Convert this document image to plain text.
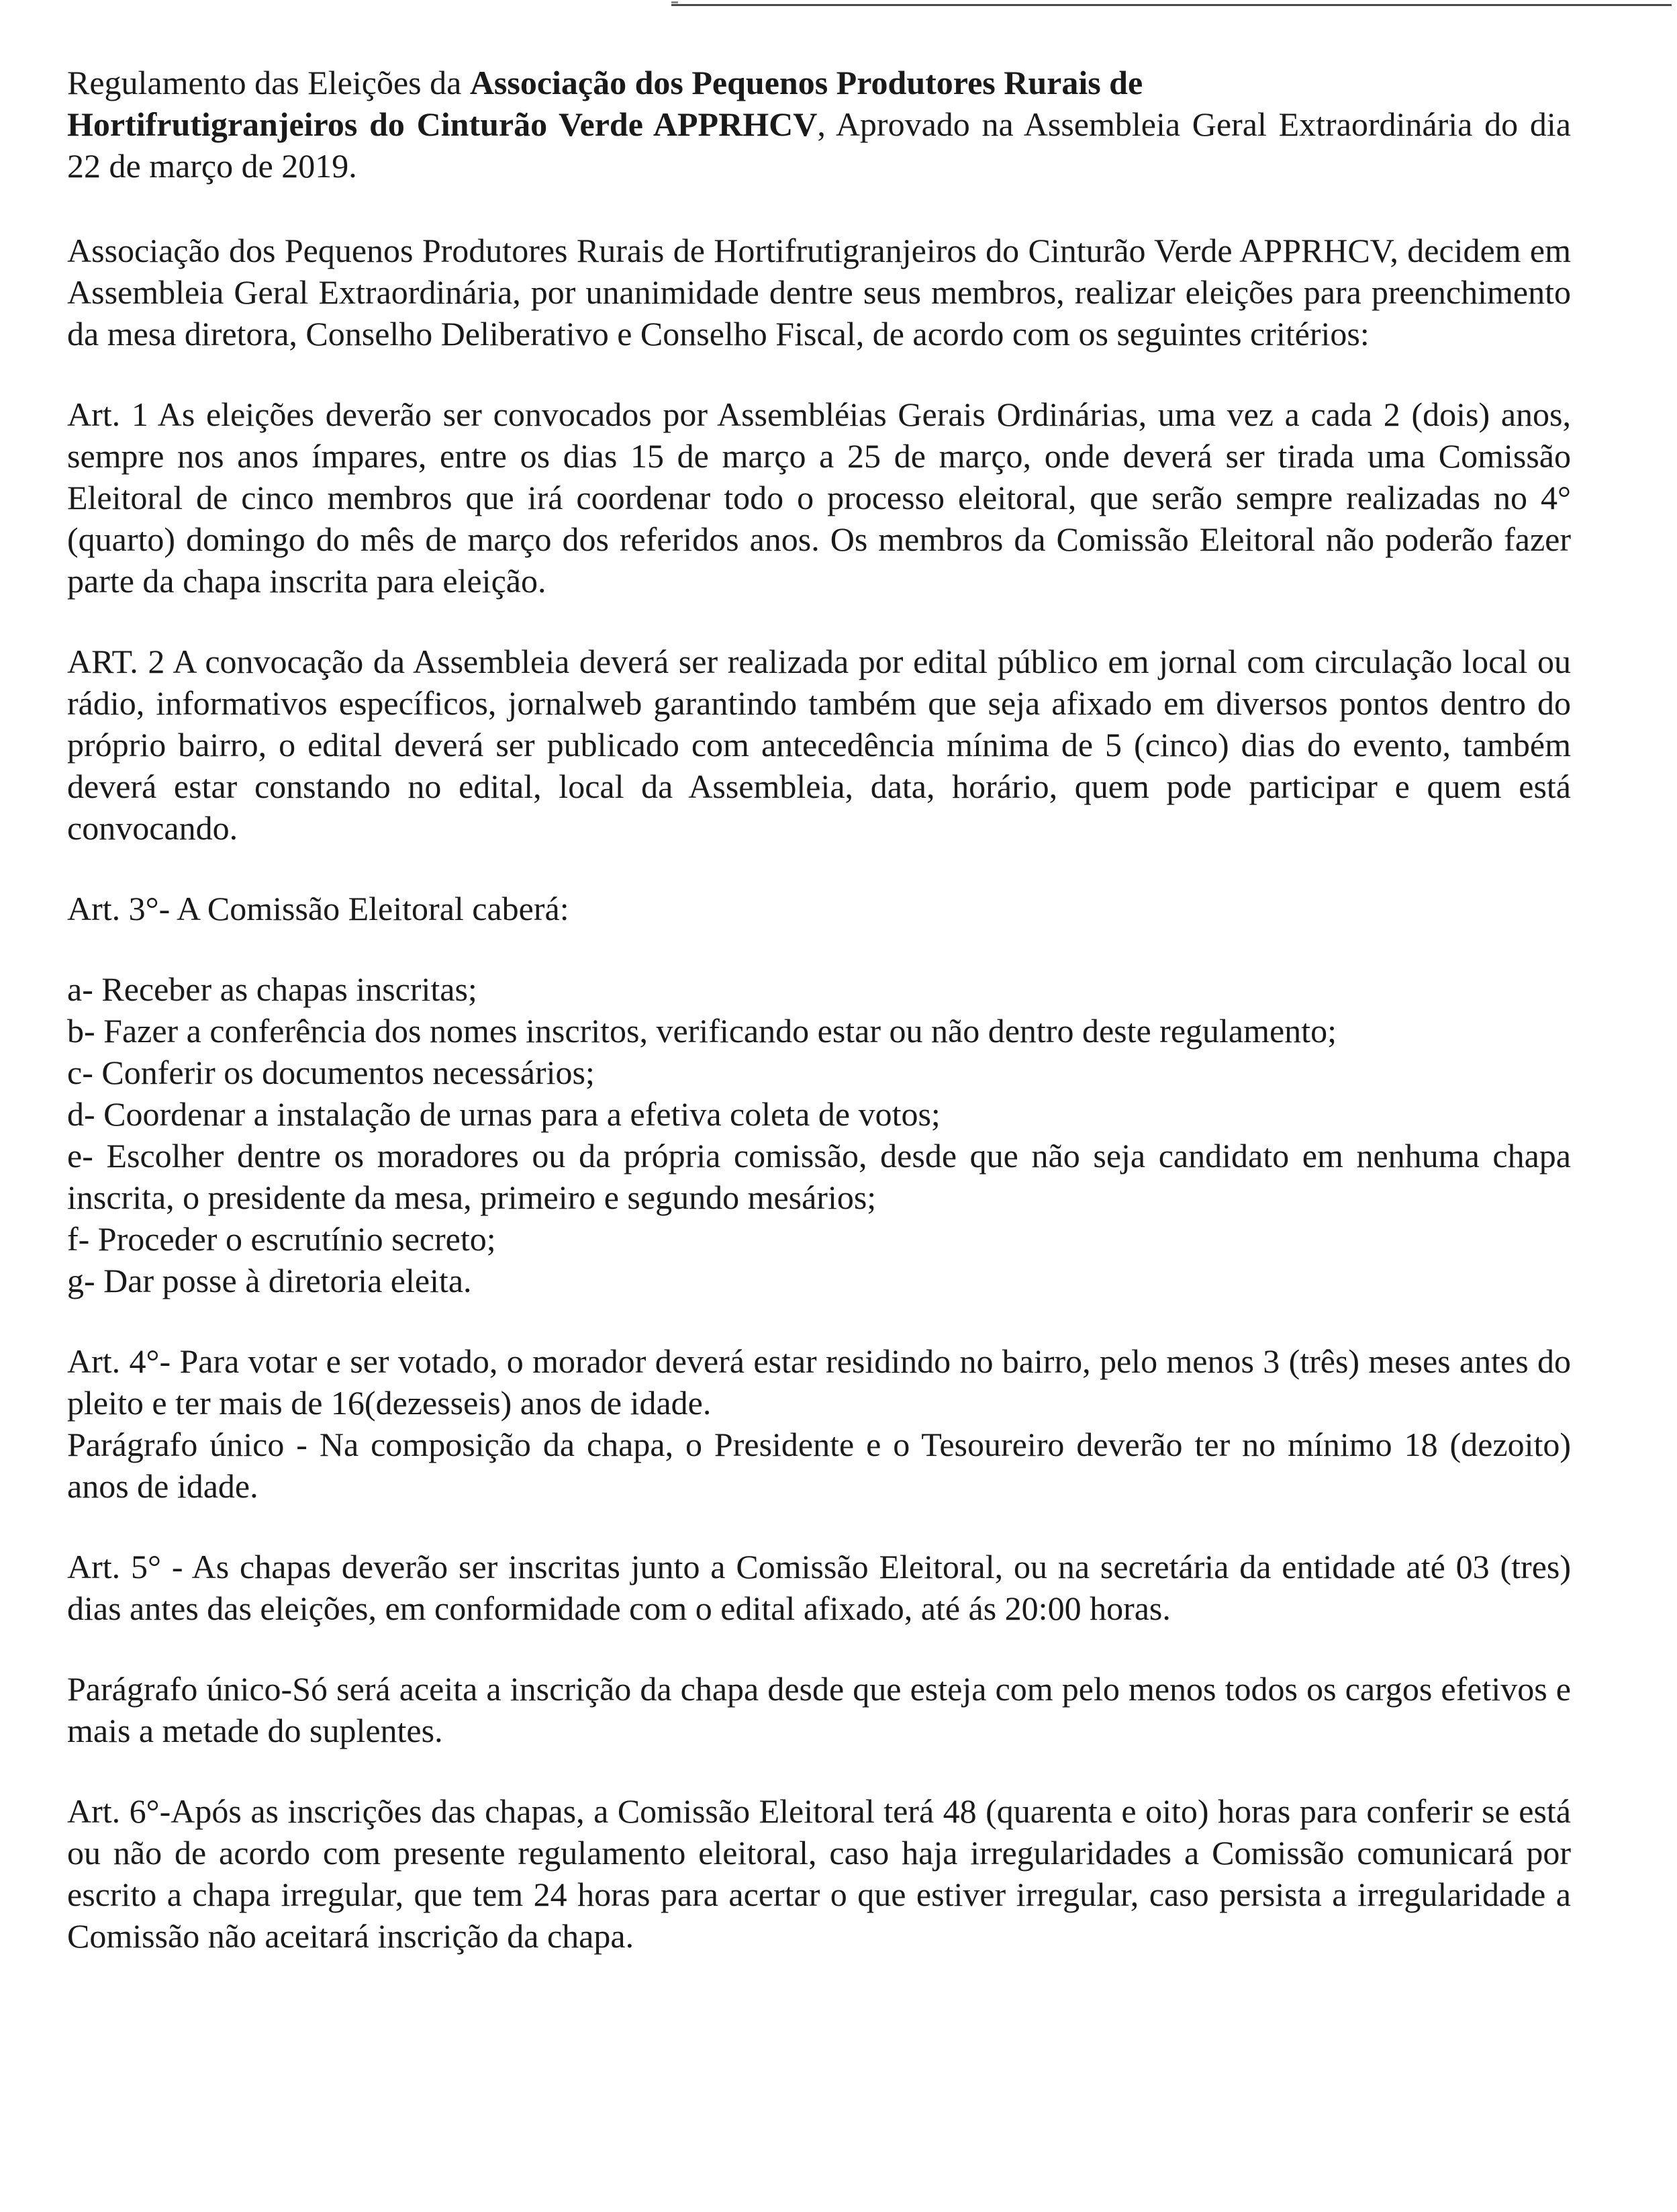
Regulamento das Eleições da Associação dos Pequenos Produtores Rurais de
Hortifrutigranjeiros do Cinturão Verde APPRHCV, Aprovado na Assembleia Geral Extraordinária do dia 22 de março de 2019.

Associação dos Pequenos Produtores Rurais de Hortifrutigranjeiros do Cinturão Verde APPRHCV, decidem em Assembleia Geral Extraordinária, por unanimidade dentre seus membros, realizar eleições para preenchimento da mesa diretora, Conselho Deliberativo e Conselho Fiscal, de acordo com os seguintes critérios:

Art. 1 As eleições deverão ser convocados por Assembléias Gerais Ordinárias, uma vez a cada 2 (dois) anos, sempre nos anos ímpares, entre os dias 15 de março a 25 de março, onde deverá ser tirada uma Comissão Eleitoral de cinco membros que irá coordenar todo o processo eleitoral, que serão sempre realizadas no 4°(quarto) domingo do mês de março dos referidos anos. Os membros da Comissão Eleitoral não poderão fazer parte da chapa inscrita para eleição.

ART. 2 A convocação da Assembleia deverá ser realizada por edital público em jornal com circulação local ou rádio, informativos específicos, jornalweb garantindo também que seja afixado em diversos pontos dentro do próprio bairro, o edital deverá ser publicado com antecedência mínima de 5 (cinco) dias do evento, também deverá estar constando no edital, local da Assembleia, data, horário, quem pode participar e quem está convocando.

Art. 3°- A Comissão Eleitoral caberá:

a- Receber as chapas inscritas;

b- Fazer a conferência dos nomes inscritos, verificando estar ou não dentro deste regulamento;

c- Conferir os documentos necessários;

d- Coordenar a instalação de urnas para a efetiva coleta de votos;

e- Escolher dentre os moradores ou da própria comissão, desde que não seja candidato em nenhuma chapa inscrita, o presidente da mesa, primeiro e segundo mesários;

f- Proceder o escrutínio secreto;

g- Dar posse à diretoria eleita.

Art. 4°- Para votar e ser votado, o morador deverá estar residindo no bairro, pelo menos 3 (três) meses antes do pleito e ter mais de 16(dezesseis) anos de idade.

Parágrafo único - Na composição da chapa, o Presidente e o Tesoureiro deverão ter no mínimo 18 (dezoito) anos de idade.

Art. 5° - As chapas deverão ser inscritas junto a Comissão Eleitoral, ou na secretária da entidade até 03 (tres) dias antes das eleições, em conformidade com o edital afixado, até ás 20:00 horas.

Parágrafo único-Só será aceita a inscrição da chapa desde que esteja com pelo menos todos os cargos efetivos e mais a metade do suplentes.

Art. 6°-Após as inscrições das chapas, a Comissão Eleitoral terá 48 (quarenta e oito) horas para conferir se está ou não de acordo com presente regulamento eleitoral, caso haja irregularidades a Comissão comunicará por escrito a chapa irregular, que tem 24 horas para acertar o que estiver irregular, caso persista a irregularidade a Comissão não aceitará inscrição da chapa.
